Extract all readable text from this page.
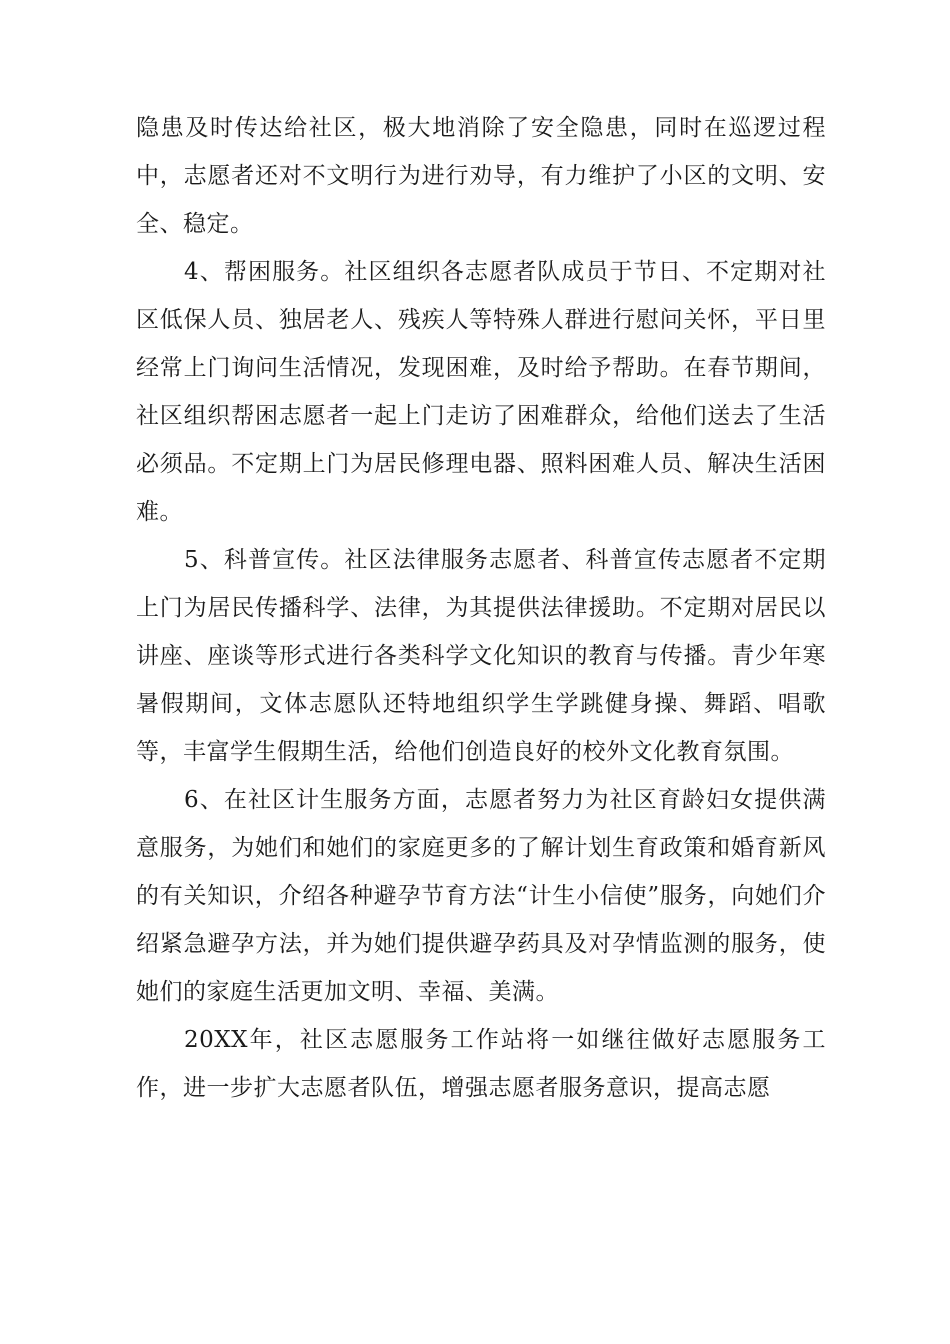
隐患及时传达给社区，极大地消除了安全隐患，同时在巡逻过程中，志愿者还对不文明行为进行劝导，有力维护了小区的文明、安全、稳定。

4、帮困服务。社区组织各志愿者队成员于节日、不定期对社区低保人员、独居老人、残疾人等特殊人群进行慰问关怀，平日里经常上门询问生活情况，发现困难，及时给予帮助。在春节期间，社区组织帮困志愿者一起上门走访了困难群众，给他们送去了生活必须品。不定期上门为居民修理电器、照料困难人员、解决生活困难。

5、科普宣传。社区法律服务志愿者、科普宣传志愿者不定期上门为居民传播科学、法律，为其提供法律援助。不定期对居民以讲座、座谈等形式进行各类科学文化知识的教育与传播。青少年寒暑假期间，文体志愿队还特地组织学生学跳健身操、舞蹈、唱歌等，丰富学生假期生活，给他们创造良好的校外文化教育氛围。

6、在社区计生服务方面，志愿者努力为社区育龄妇女提供满意服务，为她们和她们的家庭更多的了解计划生育政策和婚育新风的有关知识，介绍各种避孕节育方法“计生小信使”服务，向她们介绍紧急避孕方法，并为她们提供避孕药具及对孕情监测的服务，使她们的家庭生活更加文明、幸福、美满。

20XX年，社区志愿服务工作站将一如继往做好志愿服务工作，进一步扩大志愿者队伍，增强志愿者服务意识，提高志愿
